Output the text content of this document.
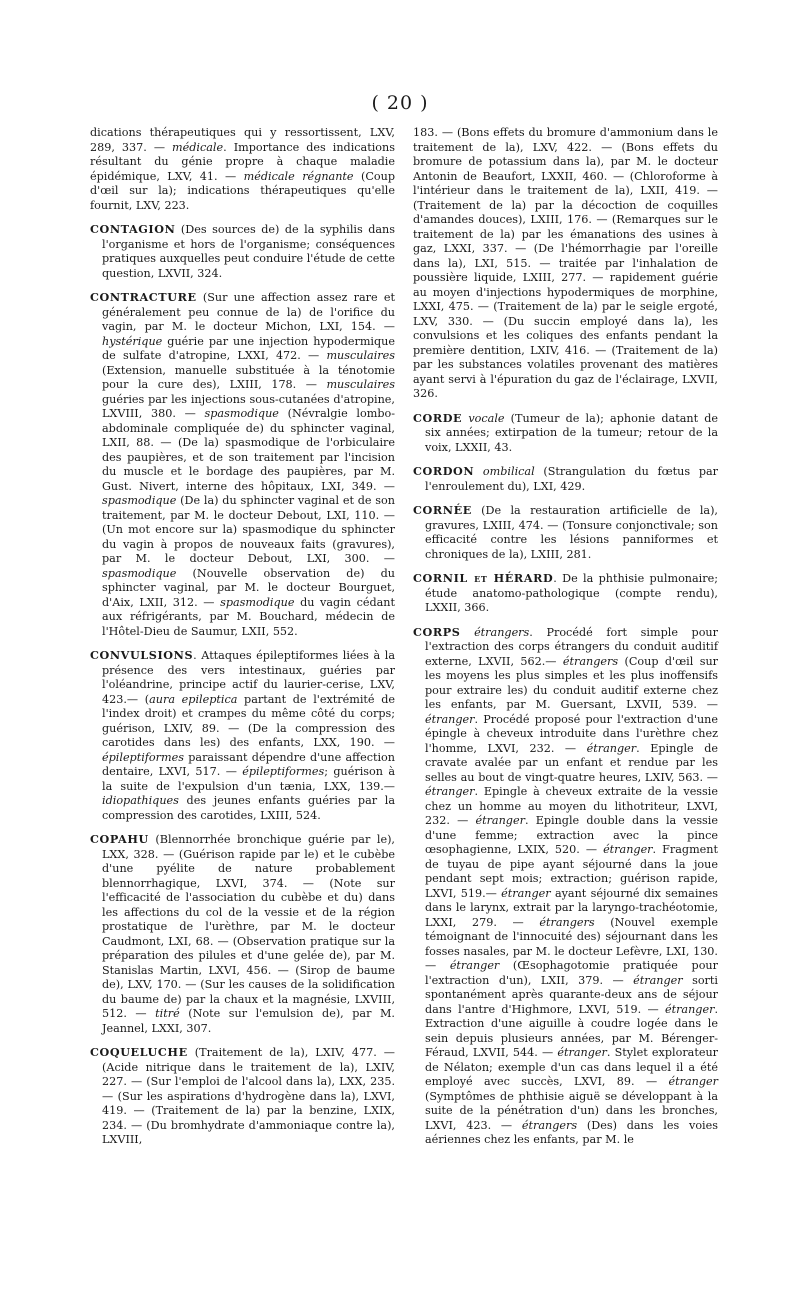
( 20 )

dications thérapeutiques qui y ressortissent, LXV, 289, 337. — médicale. Importance des indications résultant du génie propre à chaque maladie épidémique, LXV, 41. — médicale régnante (Coup d'œil sur la); indications thérapeutiques qu'elle fournit, LXV, 223.

CONTAGION (Des sources de) de la syphilis dans l'organisme et hors de l'organisme; conséquences pratiques auxquelles peut conduire l'étude de cette question, LXVII, 324.

CONTRACTURE (Sur une affection assez rare et généralement peu connue de la) de l'orifice du vagin, par M. le docteur Michon, LXI, 154. — hystérique guérie par une injection hypodermique de sulfate d'atropine, LXXI, 472. — musculaires (Extension, manuelle substituée à la ténotomie pour la cure des), LXIII, 178. — musculaires guéries par les injections sous-cutanées d'atropine, LXVIII, 380. — spasmodique (Névralgie lombo-abdominale compliquée de) du sphincter vaginal, LXII, 88. — (De la) spasmodique de l'orbiculaire des paupières, et de son traitement par l'incision du muscle et le bordage des paupières, par M. Gust. Nivert, interne des hôpitaux, LXI, 349. — spasmodique (De la) du sphincter vaginal et de son traitement, par M. le docteur Debout, LXI, 110. — (Un mot encore sur la) spasmodique du sphincter du vagin à propos de nouveaux faits (gravures), par M. le docteur Debout, LXI, 300. — spasmodique (Nouvelle observation de) du sphincter vaginal, par M. le docteur Bourguet, d'Aix, LXII, 312. — spasmodique du vagin cédant aux réfrigérants, par M. Bouchard, médecin de l'Hôtel-Dieu de Saumur, LXII, 552.

CONVULSIONS. Attaques épileptiformes liées à la présence des vers intestinaux, guéries par l'oléandrine, principe actif du laurier-cerise, LXV, 423.— (aura epileptica partant de l'extrémité de l'index droit) et crampes du même côté du corps; guérison, LXIV, 89. — (De la compression des carotides dans les) des enfants, LXX, 190. — épileptiformes paraissant dépendre d'une affection dentaire, LXVI, 517. — épileptiformes; guérison à la suite de l'expulsion d'un tænia, LXX, 139.— idiopathiques des jeunes enfants guéries par la compression des carotides, LXIII, 524.

COPAHU (Blennorrhée bronchique guérie par le), LXX, 328. — (Guérison rapide par le) et le cubèbe d'une pyélite de nature probablement blennorrhagique, LXVI, 374. — (Note sur l'efficacité de l'association du cubèbe et du) dans les affections du col de la vessie et de la région prostatique de l'urèthre, par M. le docteur Caudmont, LXI, 68. — (Observation pratique sur la préparation des pilules et d'une gelée de), par M. Stanislas Martin, LXVI, 456. — (Sirop de baume de), LXV, 170. — (Sur les causes de la solidification du baume de) par la chaux et la magnésie, LXVIII, 512. — titré (Note sur l'emulsion de), par M. Jeannel, LXXI, 307.

COQUELUCHE (Traitement de la), LXIV, 477. — (Acide nitrique dans le traitement de la), LXIV, 227. — (Sur l'emploi de l'alcool dans la), LXX, 235. — (Sur les aspirations d'hydrogène dans la), LXVI, 419. — (Traitement de la) par la benzine, LXIX, 234. — (Du bromhydrate d'ammoniaque contre la), LXVIII,

183. — (Bons effets du bromure d'ammonium dans le traitement de la), LXV, 422. — (Bons effets du bromure de potassium dans la), par M. le docteur Antonin de Beaufort, LXXII, 460. — (Chloroforme à l'intérieur dans le traitement de la), LXII, 419. — (Traitement de la) par la décoction de coquilles d'amandes douces), LXIII, 176. — (Remarques sur le traitement de la) par les émanations des usines à gaz, LXXI, 337. — (De l'hémorrhagie par l'oreille dans la), LXI, 515. — traitée par l'inhalation de poussière liquide, LXIII, 277. — rapidement guérie au moyen d'injections hypodermiques de morphine, LXXI, 475. — (Traitement de la) par le seigle ergoté, LXV, 330. — (Du succin employé dans la), les convulsions et les coliques des enfants pendant la première dentition, LXIV, 416. — (Traitement de la) par les substances volatiles provenant des matières ayant servi à l'épuration du gaz de l'éclairage, LXVII, 326.

CORDE vocale (Tumeur de la); aphonie datant de six années; extirpation de la tumeur; retour de la voix, LXXII, 43.

CORDON ombilical (Strangulation du fœtus par l'enroulement du), LXI, 429.

CORNÉE (De la restauration artificielle de la), gravures, LXIII, 474. — (Tonsure conjonctivale; son efficacité contre les lésions panniformes et chroniques de la), LXIII, 281.

CORNIL et HÉRARD. De la phthisie pulmonaire; étude anatomo-pathologique (compte rendu), LXXII, 366.

CORPS étrangers. Procédé fort simple pour l'extraction des corps étrangers du conduit auditif externe, LXVII, 562.— étrangers (Coup d'œil sur les moyens les plus simples et les plus inoffensifs pour extraire les) du conduit auditif externe chez les enfants, par M. Guersant, LXVII, 539. — étranger. Procédé proposé pour l'extraction d'une épingle à cheveux introduite dans l'urèthre chez l'homme, LXVI, 232. — étranger. Epingle de cravate avalée par un enfant et rendue par les selles au bout de vingt-quatre heures, LXIV, 563. — étranger. Epingle à cheveux extraite de la vessie chez un homme au moyen du lithotriteur, LXVI, 232. — étranger. Epingle double dans la vessie d'une femme; extraction avec la pince œsophagienne, LXIX, 520. — étranger. Fragment de tuyau de pipe ayant séjourné dans la joue pendant sept mois; extraction; guérison rapide, LXVI, 519.— étranger ayant séjourné dix semaines dans le larynx, extrait par la laryngo-trachéotomie, LXXI, 279. — étrangers (Nouvel exemple témoignant de l'innocuité des) séjournant dans les fosses nasales, par M. le docteur Lefèvre, LXI, 130. — étranger (Œsophagotomie pratiquée pour l'extraction d'un), LXII, 379. — étranger sorti spontanément après quarante-deux ans de séjour dans l'antre d'Highmore, LXVI, 519. — étranger. Extraction d'une aiguille à coudre logée dans le sein depuis plusieurs années, par M. Bérenger-Féraud, LXVII, 544. — étranger. Stylet explorateur de Nélaton; exemple d'un cas dans lequel il a été employé avec succès, LXVI, 89. — étranger (Symptômes de phthisie aiguë se développant à la suite de la pénétration d'un) dans les bronches, LXVI, 423. — étrangers (Des) dans les voies aériennes chez les enfants, par M. le
